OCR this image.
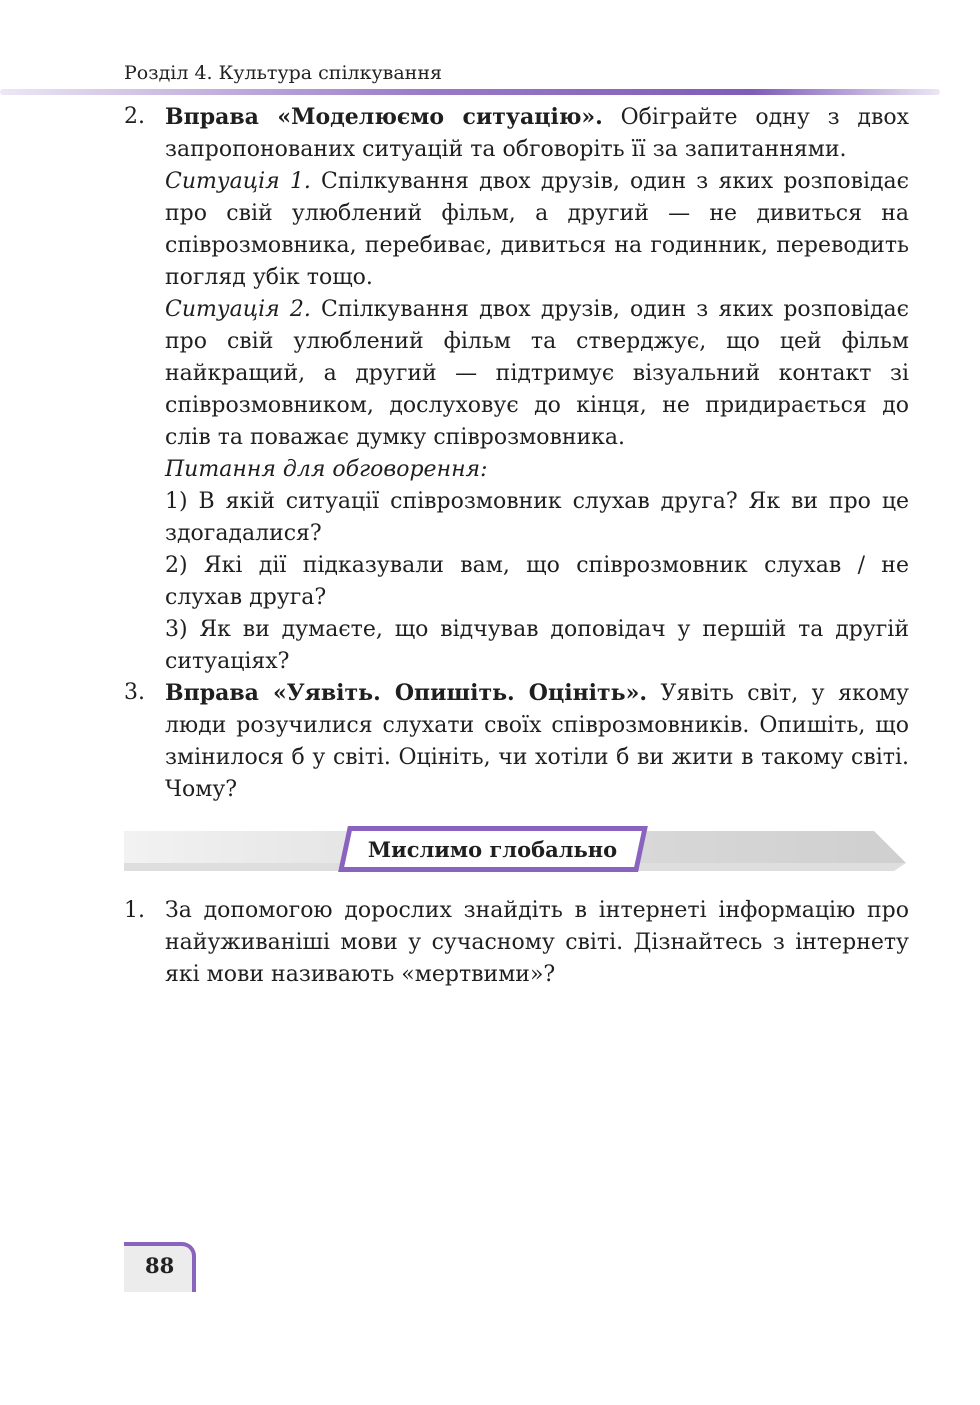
Розділ 4. Культура спілкування
2. Вправа «Моделюємо ситуацію». Обігрaйте одну з двох запропонованих ситуацій та обговоріть її за запитаннями.

Ситуація 1. Спілкування двох друзів, один з яких розповідає про свій улюблений фільм, а другий — не дивиться на співрозмовника, перебиває, дивиться на годинник, переводить погляд убік тощо.

Ситуація 2. Спілкування двох друзів, один з яких розповідає про свій улюблений фільм та стверджує, що цей фільм найкращий, а другий — підтримує візуальний контакт зі співрозмовником, дослуховує до кінця, не придирається до слів та поважає думку співрозмовника.

Питання для обговорення:

1) В якій ситуації співрозмовник слухав друга? Як ви про це здогадалися?

2) Які дії підказували вам, що співрозмовник слухав / не слухав друга?

3) Як ви думаєте, що відчував доповідач у першій та другій ситуаціях?

3. Вправа «Уявіть. Опишіть. Оцініть». Уявіть світ, у якому люди розучилися слухати своїх співрозмовників. Опишіть, що змінилося б у світі. Оцініть, чи хотіли б ви жити в такому світі. Чому?

Мислимо глобально
1. За допомогою дорослих знайдіть в інтернеті інформацію про найуживаніші мови у сучасному світі. Дізнайтесь з інтернету які мови називають «мертвими»?

88
